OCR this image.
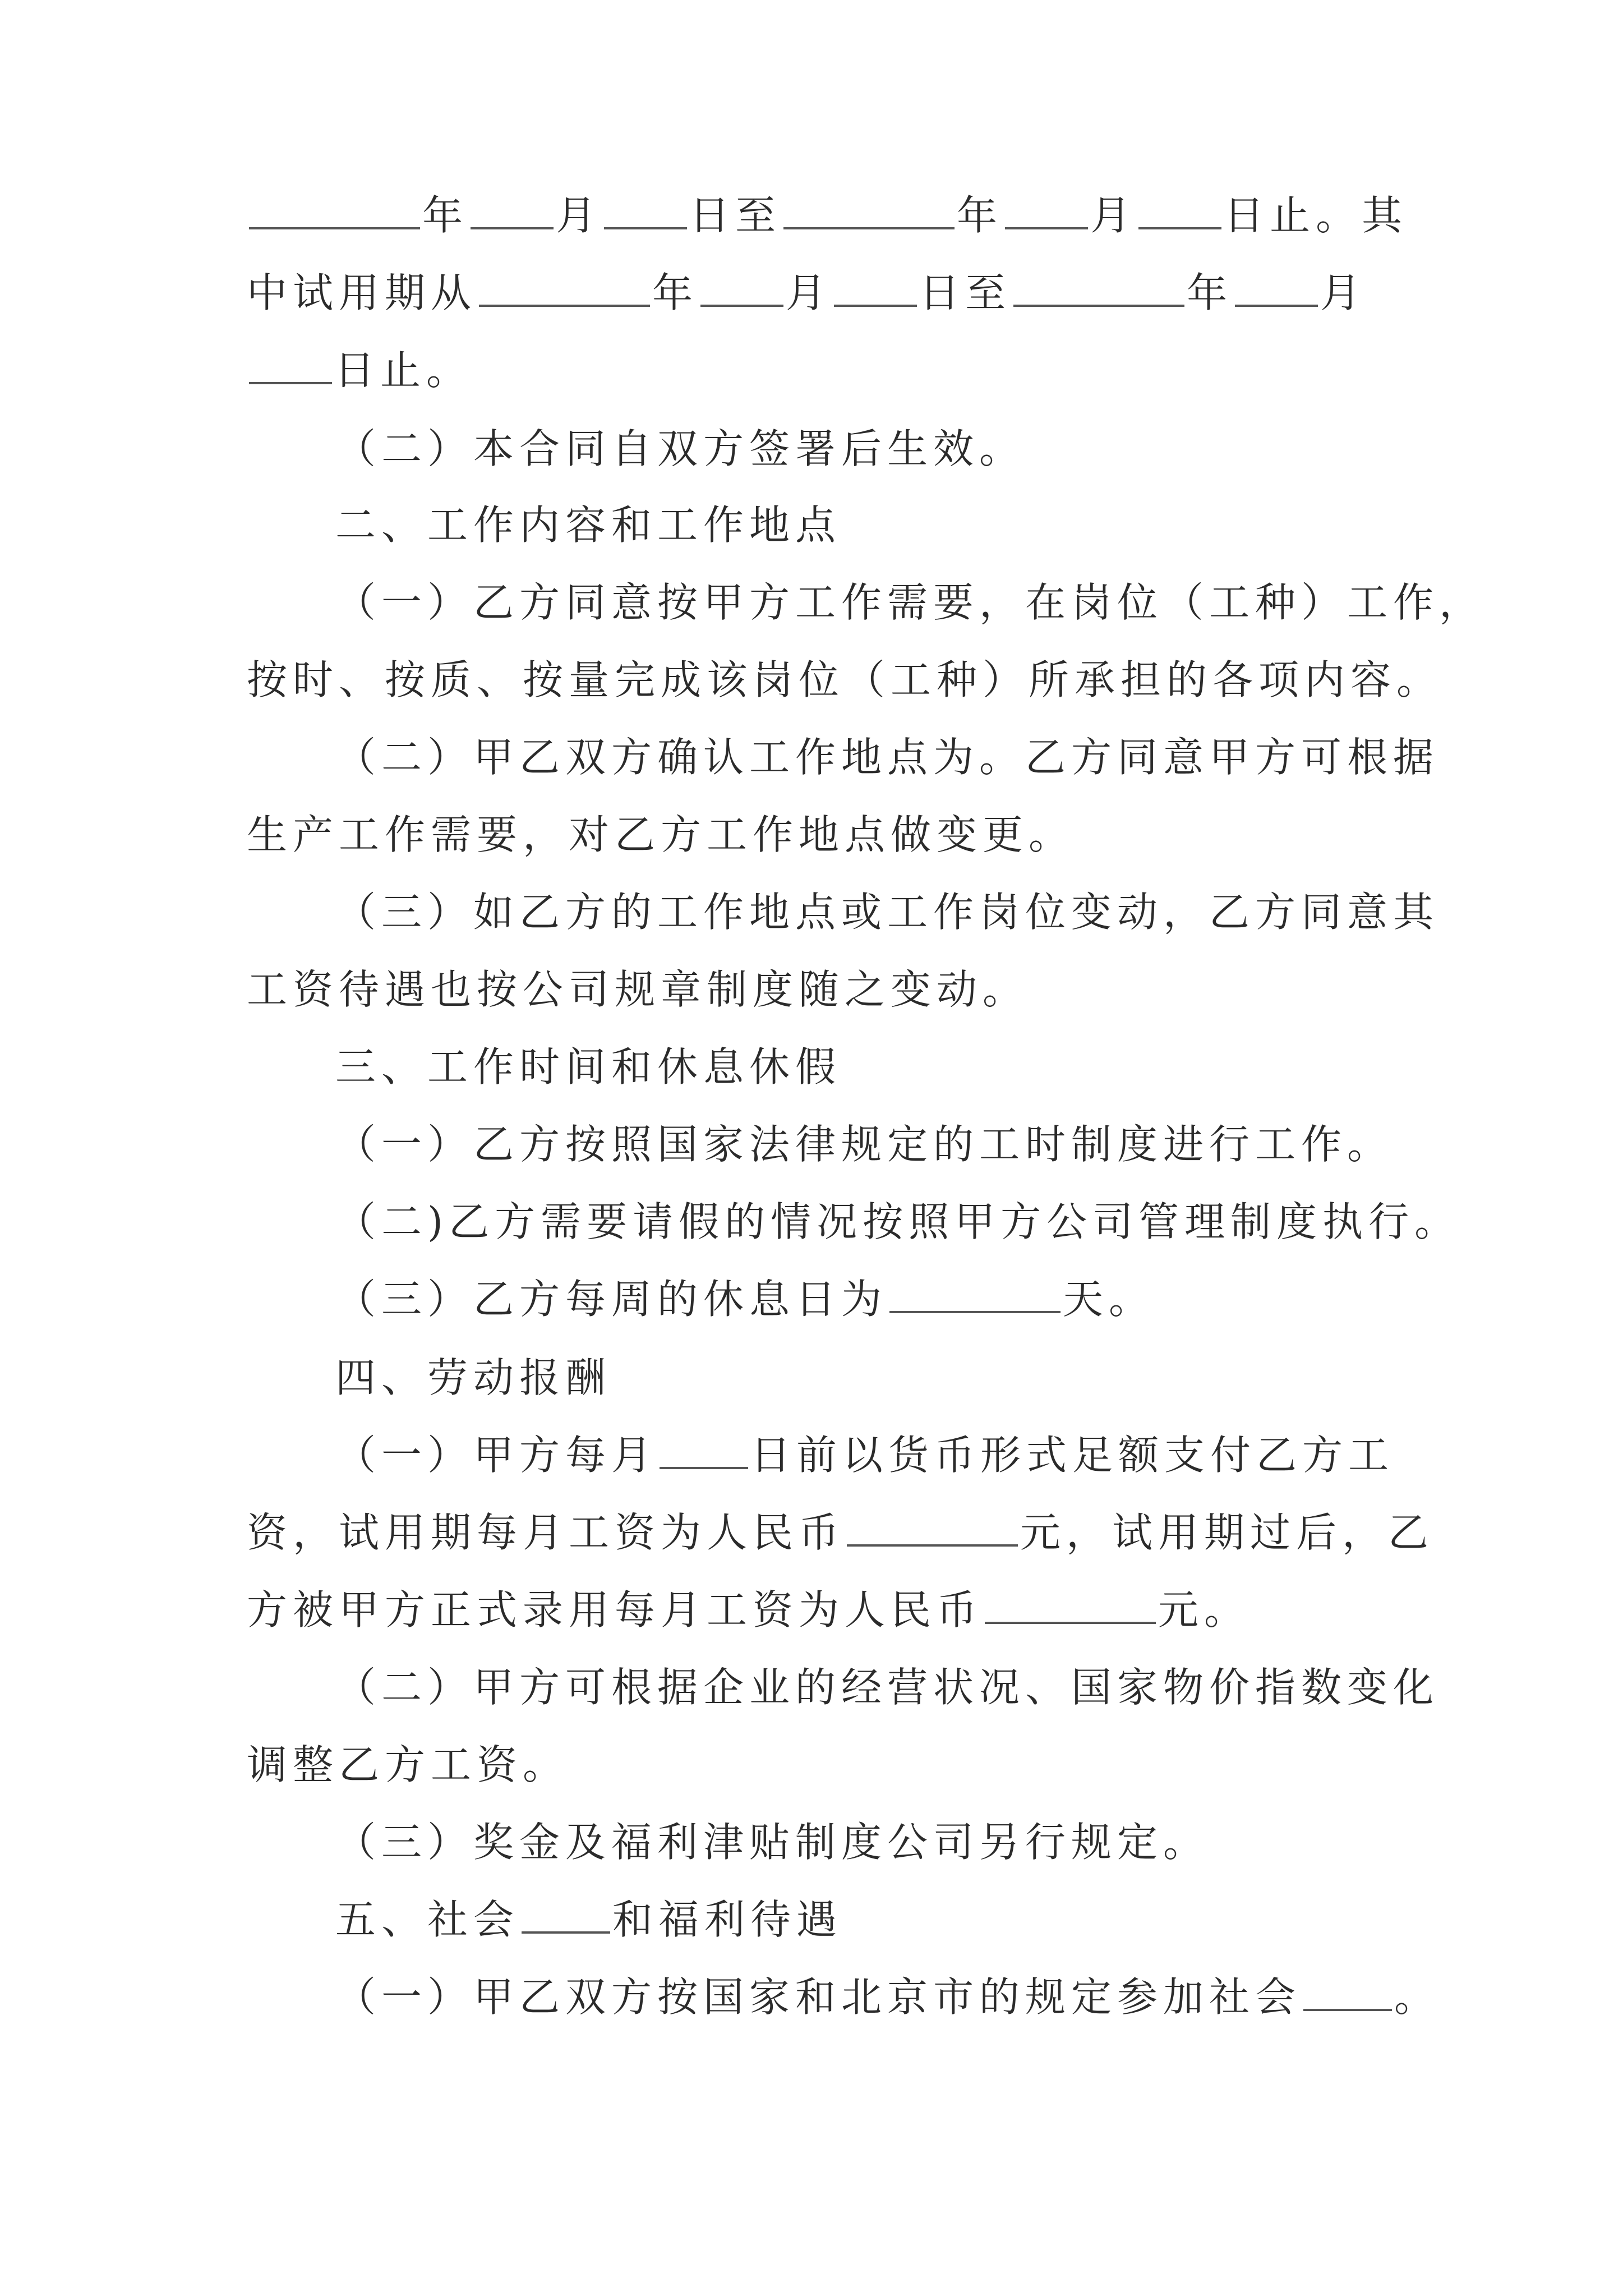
年 月 日至	年 月 日止。其
中试用期从	年 月 日至	年 月
日止。
（二）本合同自双方签署后生效。
二、工作内容和工作地点
（一）乙方同意按甲方工作需要，在岗位（工种）工作，
按时、按质、按量完成该岗位（工种）所承担的各项内容。
（二）甲乙双方确认工作地点为。乙方同意甲方可根据
生产工作需要，对乙方工作地点做变更。
（三）如乙方的工作地点或工作岗位变动，乙方同意其
工资待遇也按公司规章制度随之变动。
三、工作时间和休息休假
（一）乙方按照国家法律规定的工时制度进行工作。
（二)乙方需要请假的情况按照甲方公司管理制度执行。
（三）乙方每周的休息日为	天。
四、劳动报酬
（一）甲方每月 日前以货币形式足额支付乙方工
资，试用期每月工资为人民币	元，试用期过后，乙
方被甲方正式录用每月工资为人民币	元。
（二）甲方可根据企业的经营状况、国家物价指数变化
调整乙方工资。
（三）奖金及福利津贴制度公司另行规定。
五、社会 和福利待遇
（一）甲乙双方按国家和北京市的规定参加社会 。
